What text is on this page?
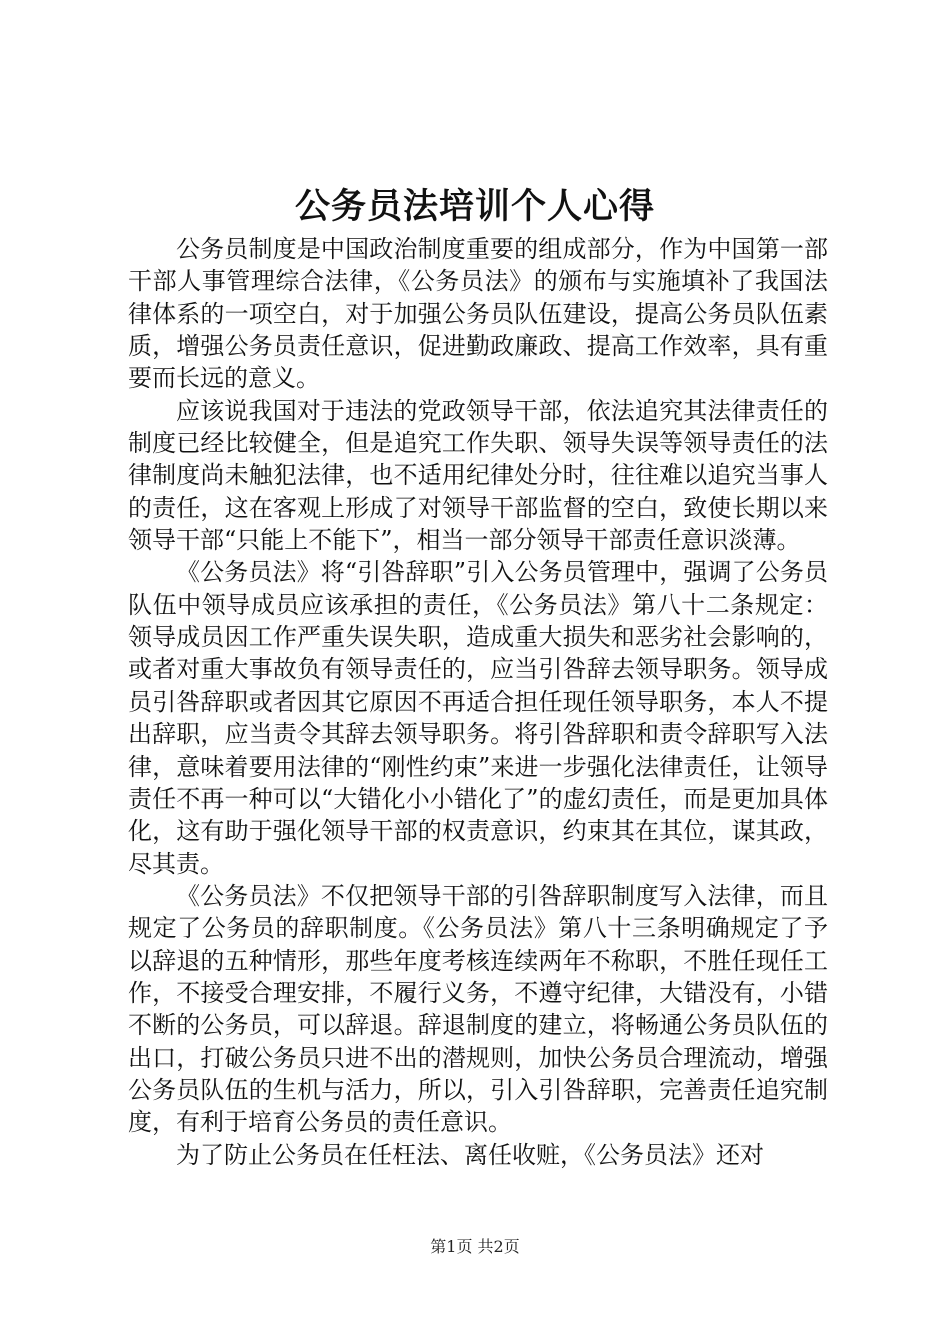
公务员法培训个人心得

公务员制度是中国政治制度重要的组成部分，作为中国第一部干部人事管理综合法律，《公务员法》的颁布与实施填补了我国法律体系的一项空白，对于加强公务员队伍建设，提高公务员队伍素质，增强公务员责任意识，促进勤政廉政、提高工作效率，具有重要而长远的意义。

应该说我国对于违法的党政领导干部，依法追究其法律责任的制度已经比较健全，但是追究工作失职、领导失误等领导责任的法律制度尚未触犯法律，也不适用纪律处分时，往往难以追究当事人的责任，这在客观上形成了对领导干部监督的空白，致使长期以来领导干部“只能上不能下”，相当一部分领导干部责任意识淡薄。

《公务员法》将“引咎辞职”引入公务员管理中，强调了公务员队伍中领导成员应该承担的责任，《公务员法》第八十二条规定：领导成员因工作严重失误失职，造成重大损失和恶劣社会影响的，或者对重大事故负有领导责任的，应当引咎辞去领导职务。领导成员引咎辞职或者因其它原因不再适合担任现任领导职务，本人不提出辞职，应当责令其辞去领导职务。将引咎辞职和责令辞职写入法律，意味着要用法律的“刚性约束”来进一步强化法律责任，让领导责任不再一种可以“大错化小小错化了”的虚幻责任，而是更加具体化，这有助于强化领导干部的权责意识，约束其在其位，谋其政，尽其责。

《公务员法》不仅把领导干部的引咎辞职制度写入法律，而且规定了公务员的辞职制度。《公务员法》第八十三条明确规定了予以辞退的五种情形，那些年度考核连续两年不称职，不胜任现任工作，不接受合理安排，不履行义务，不遵守纪律，大错没有，小错不断的公务员，可以辞退。辞退制度的建立，将畅通公务员队伍的出口，打破公务员只进不出的潜规则，加快公务员合理流动，增强公务员队伍的生机与活力，所以，引入引咎辞职，完善责任追究制度，有利于培育公务员的责任意识。

为了防止公务员在任枉法、离任收赃，《公务员法》还对

第1页 共2页
